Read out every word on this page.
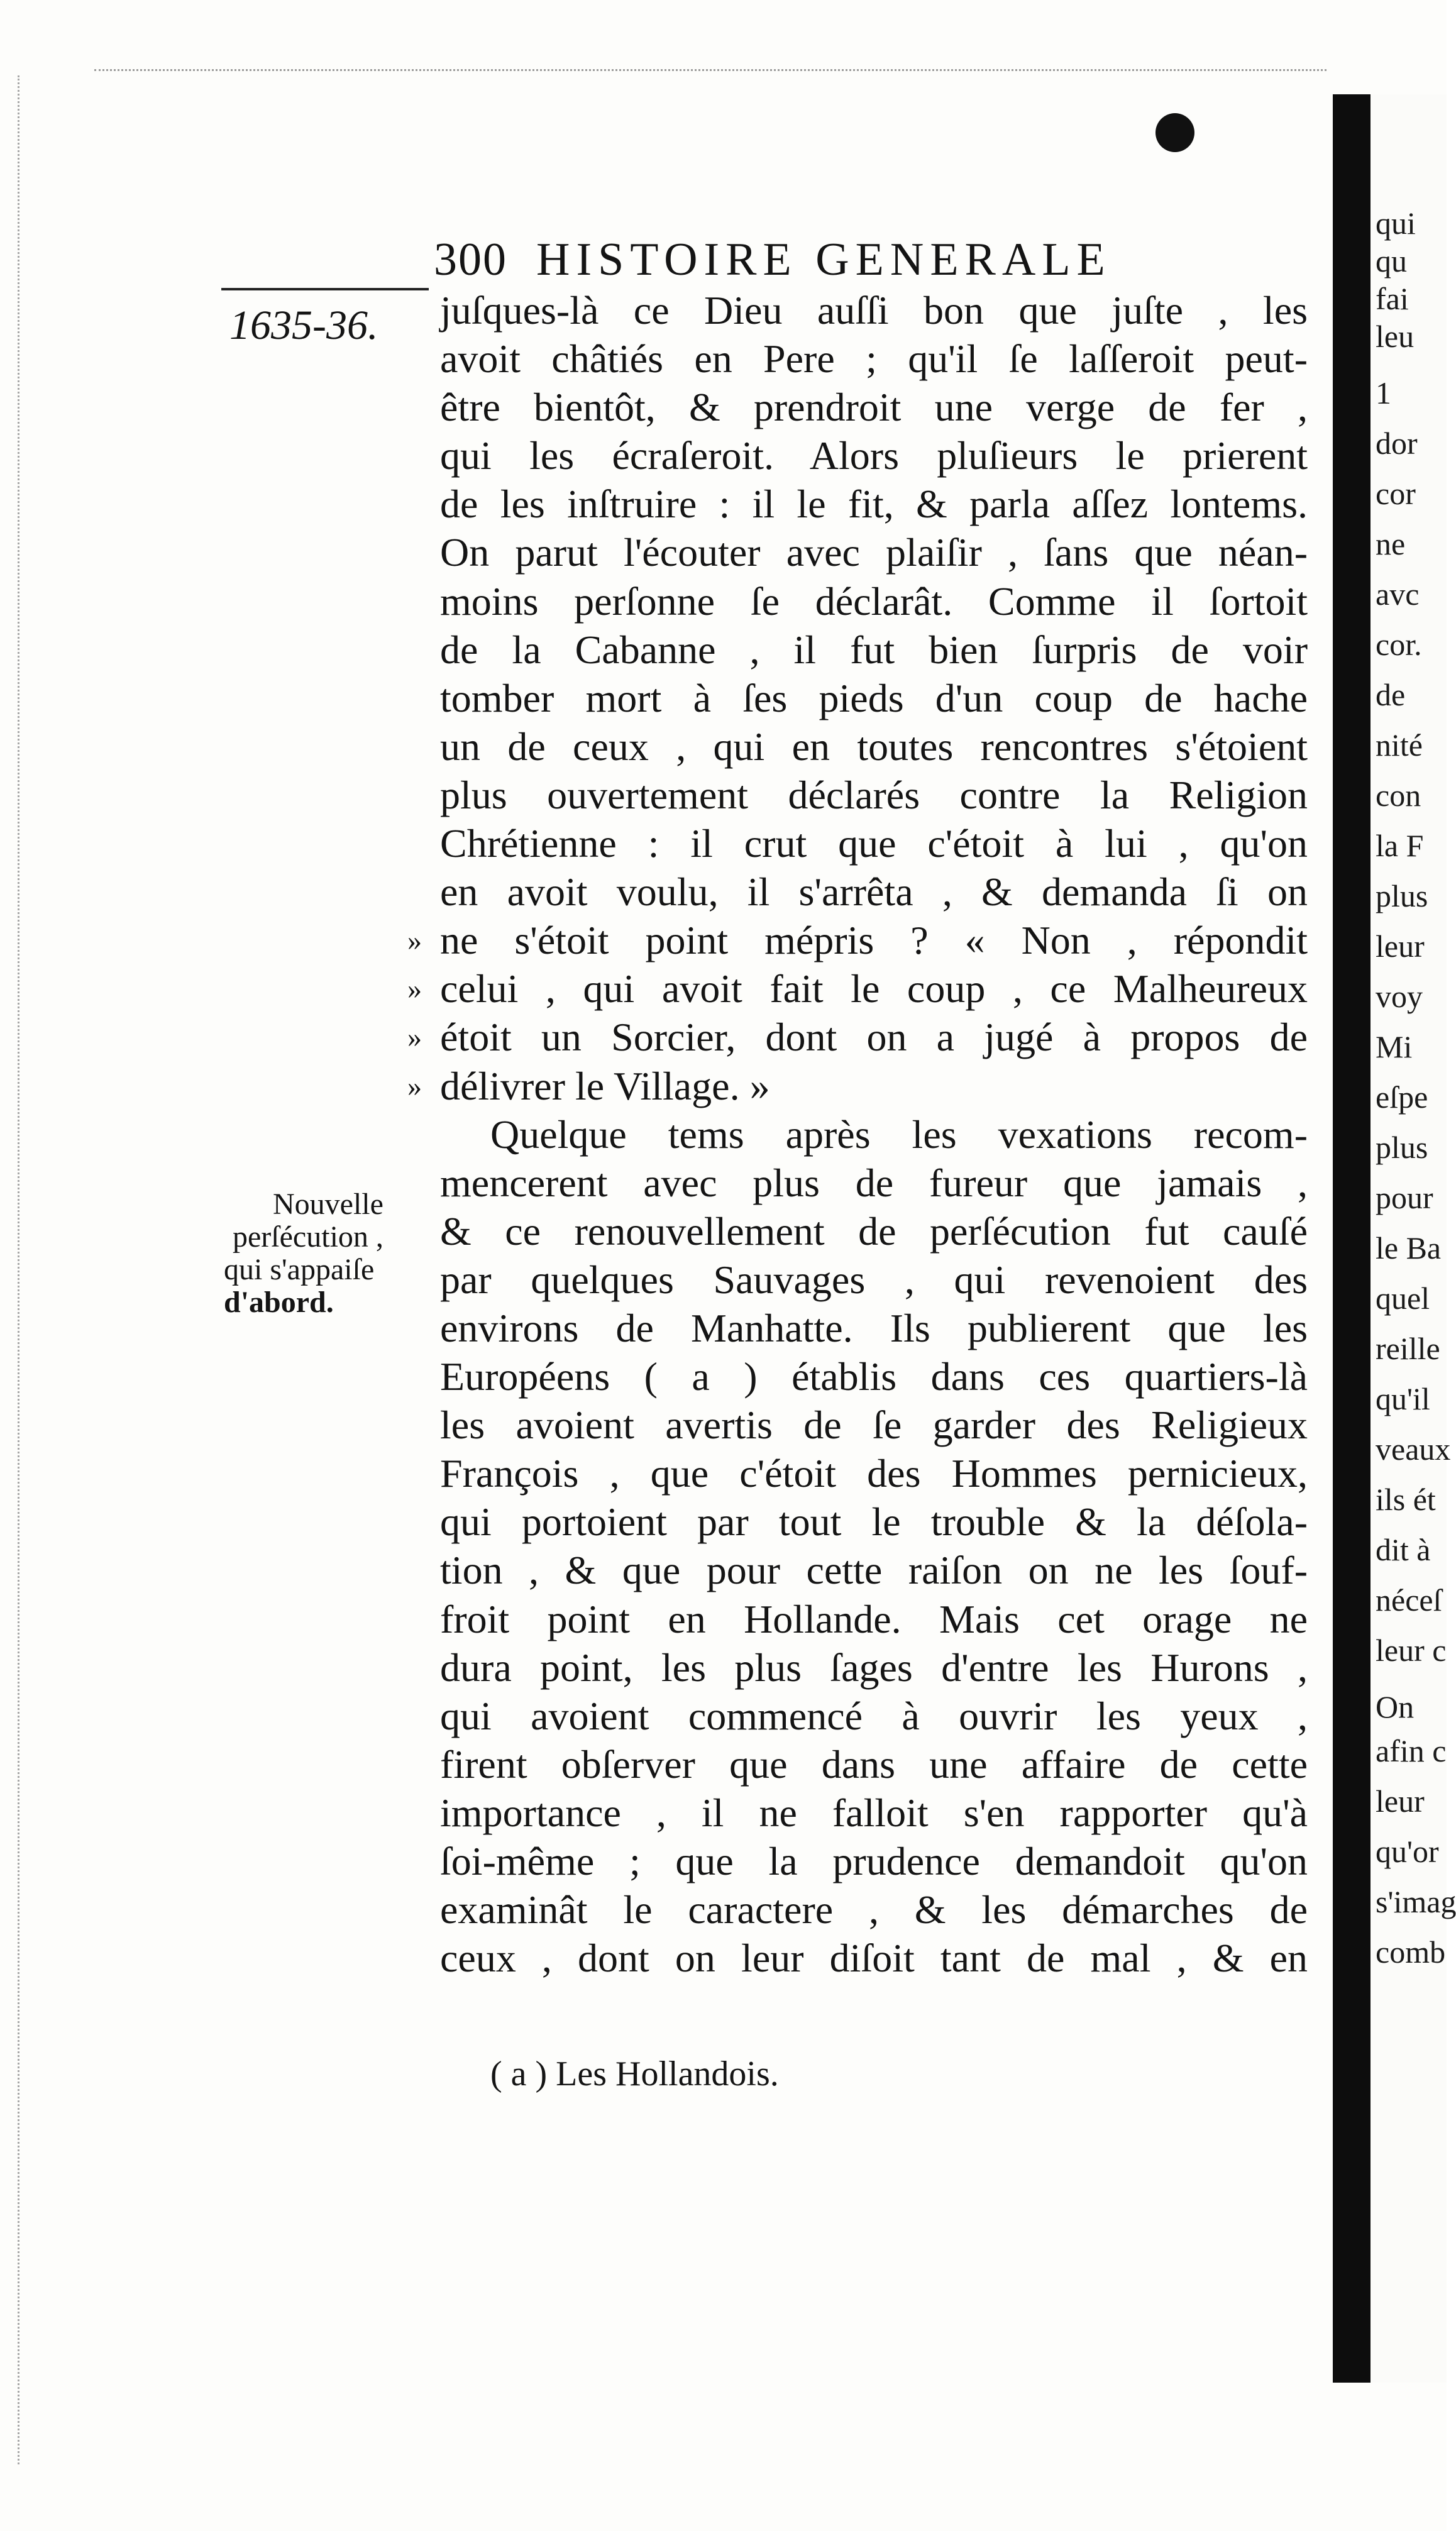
300 HISTOIRE GENERALE
1635-36. juſques-là ce Dieu auſſi bon que juſte , les
avoit châtiés en Pere ; qu'il ſe laſſeroit peut-
être bientôt, & prendroit une verge de fer ,
qui les écraſeroit. Alors pluſieurs le prierent
de les inſtruire : il le fit, & parla aſſez lontems.
On parut l'écouter avec plaiſir , ſans que néan-
moins perſonne ſe déclarât. Comme il ſortoit
de la Cabanne , il fut bien ſurpris de voir
tomber mort à ſes pieds d'un coup de hache
un de ceux , qui en toutes rencontres s'étoient
plus ouvertement déclarés contre la Religion
Chrétienne : il crut que c'étoit à lui , qu'on
en avoit voulu, il s'arrêta , & demanda ſi on
» ne s'étoit point mépris ? « Non , répondit
» celui , qui avoit fait le coup , ce Malheureux
» étoit un Sorcier, dont on a jugé à propos de
» délivrer le Village. »
Quelque tems après les vexations recom-
mencerent avec plus de fureur que jamais ,
& ce renouvellement de perſécution fut cauſé
par quelques Sauvages , qui revenoient des
environs de Manhatte. Ils publierent que les
Européens ( a ) établis dans ces quartiers-là
les avoient avertis de ſe garder des Religieux
François , que c'étoit des Hommes pernicieux,
qui portoient par tout le trouble & la déſola-
tion , & que pour cette raiſon on ne les ſouf-
froit point en Hollande. Mais cet orage ne
dura point, les plus ſages d'entre les Hurons ,
qui avoient commencé à ouvrir les yeux ,
firent obſerver que dans une affaire de cette
importance , il ne falloit s'en rapporter qu'à
ſoi-même ; que la prudence demandoit qu'on
examinât le caractere , & les démarches de
ceux , dont on leur diſoit tant de mal , & en
Nouvelle
perſécution ,
qui s'appaiſe
d'abord.
( a ) Les Hollandois.
qui
qu
fai
leu
1
dor
cor
ne
avc
cor.
de
nité
con
la F
plus
leur
voy
Mi
eſpe
plus
pour
le Ba
quel
reille
qu'il
veaux
ils ét
dit à
néceſ
leur c
On
afin c
leur
qu'or
s'imag
comb
